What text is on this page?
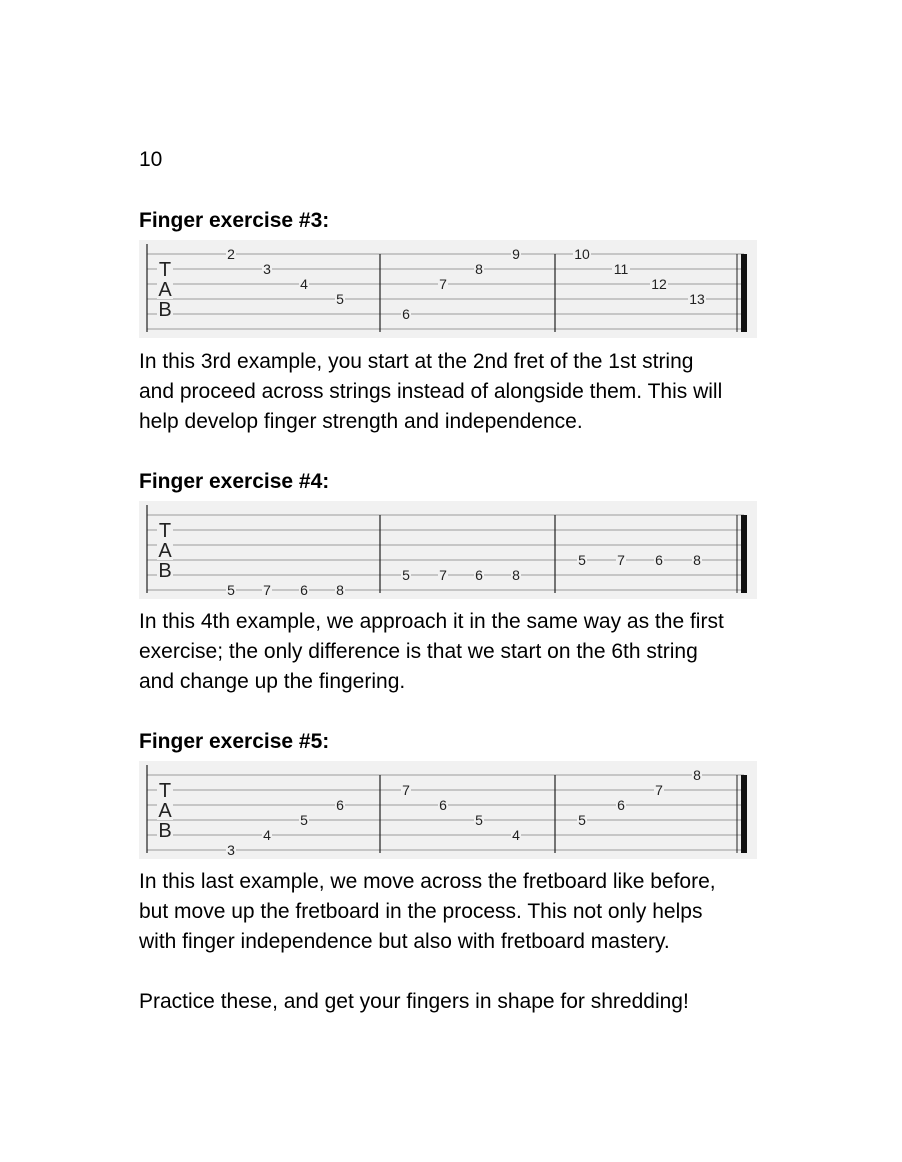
10
Finger exercise #3:
T
A
B
2
3
4
5
6
7
8
9	10
11
12
13
In this 3rd example, you start at the 2nd fret of the 1st string
and proceed across strings instead of alongside them. This will
help develop finger strength and independence.
Finger exercise #4:
T
A
B
5 7 6 8
5 7 6 8
5 7 6 8
In this 4th example, we approach it in the same way as the first
exercise; the only difference is that we start on the 6th string
and change up the fingering.
Finger exercise #5:
T
A
B
3
4
5
6
7
6
5
4
5
6
7
8
In this last example, we move across the fretboard like before,
but move up the fretboard in the process. This not only helps
with finger independence but also with fretboard mastery.
Practice these, and get your fingers in shape for shredding!
